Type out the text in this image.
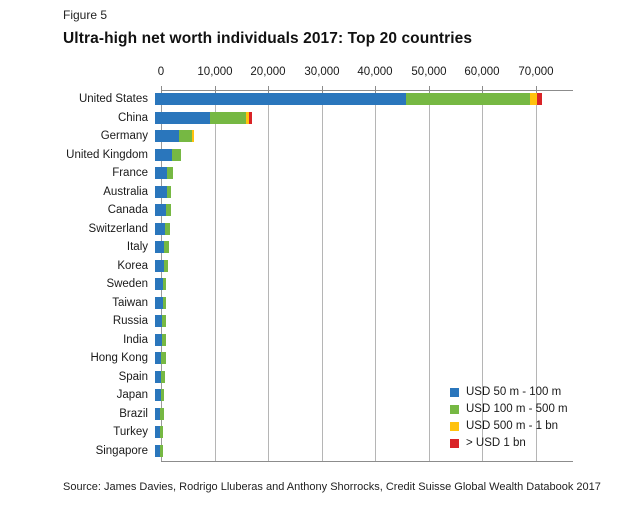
Figure 5
Ultra-high net worth individuals 2017: Top 20 countries
0	10,000 20,000 30,000 40,000 50,000 60,000 70,000
United States
China
Germany
United Kingdom
France
Australia
Canada
Switzerland
Italy
Korea
Sweden
Taiwan
Russia
India
Hong Kong
Spain
Japan
Brazil
Turkey
Singapore
USD 50 m - 100 m
USD 100 m - 500 m
USD 500 m - 1 bn
> USD 1 bn
Source: James Davies, Rodrigo Lluberas and Anthony Shorrocks, Credit Suisse Global Wealth Databook 2017
